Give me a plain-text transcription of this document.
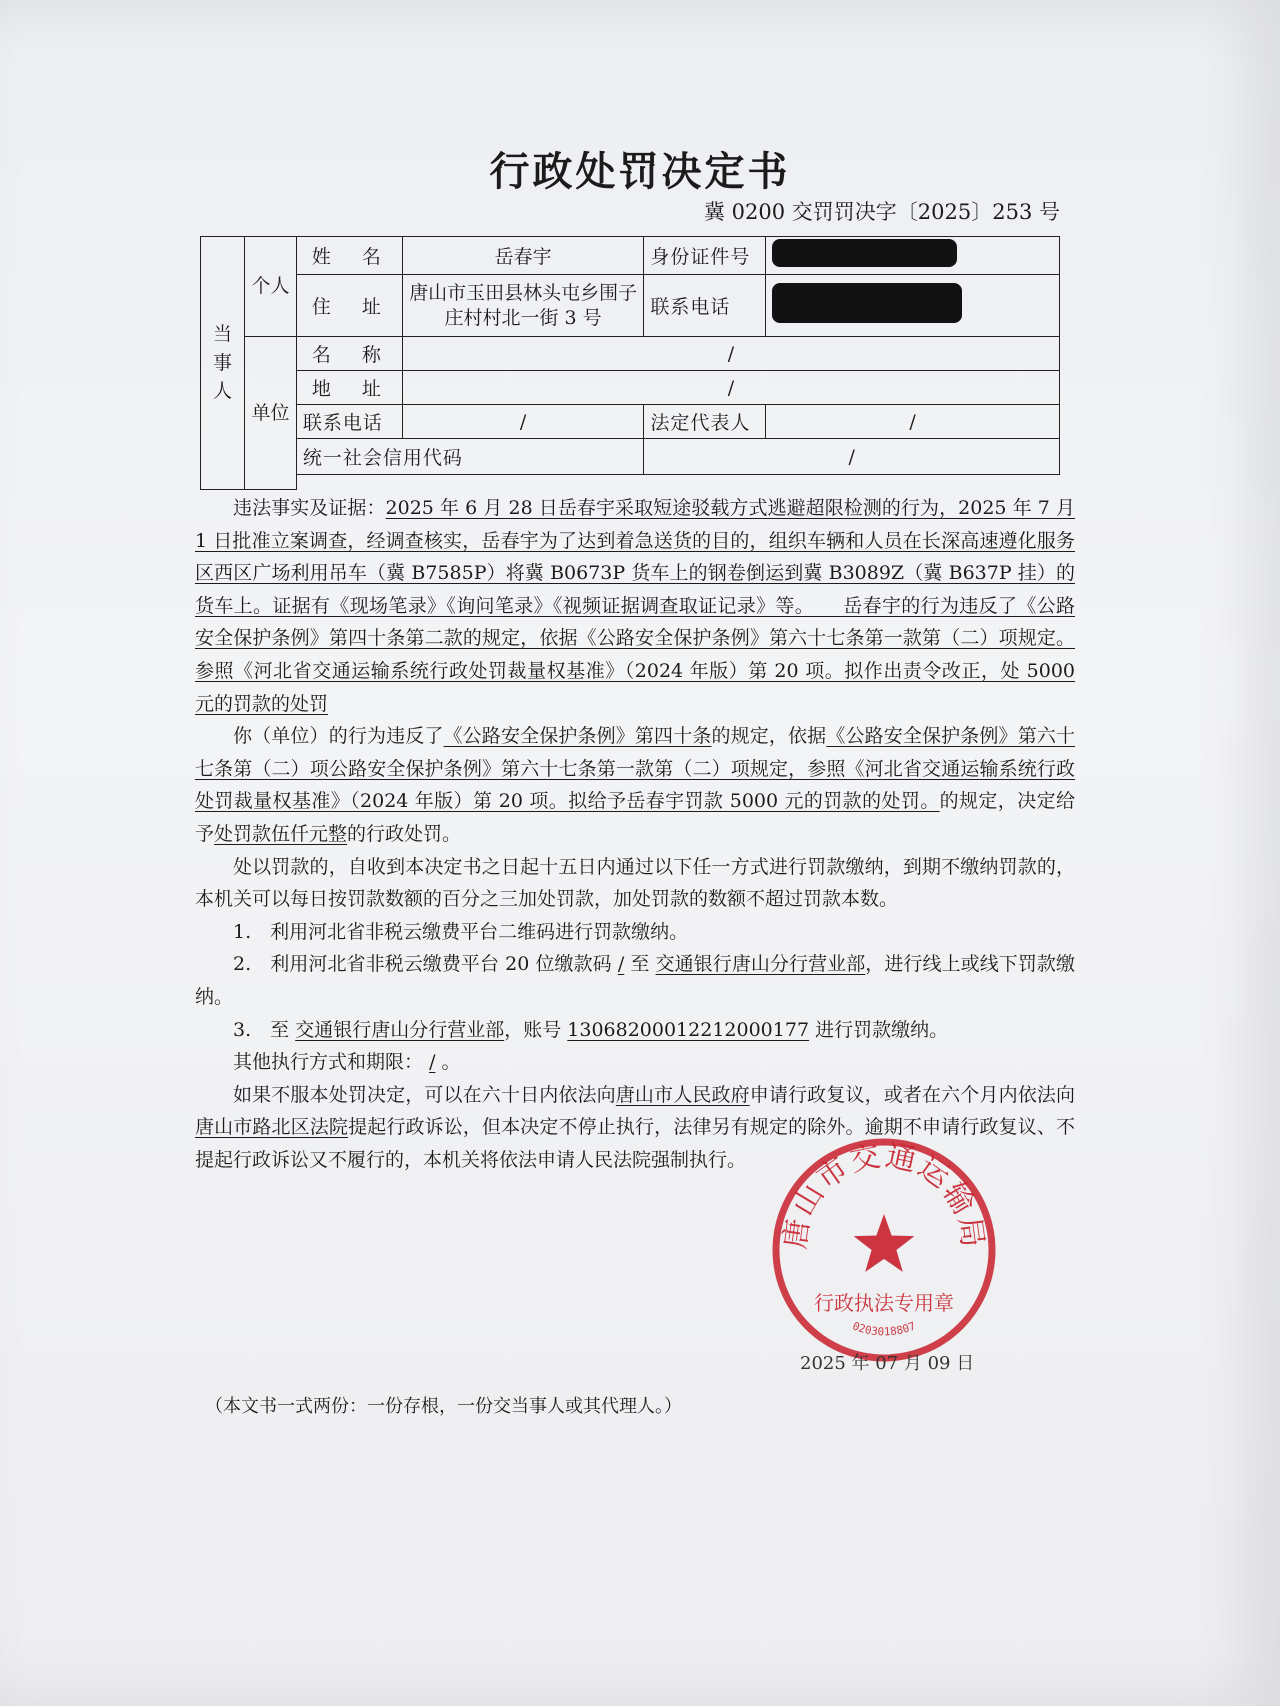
行政处罚决定书
冀 0200 交罚罚决字〔2025〕253 号
当事人	个人	姓　名	岳春宇	身份证件号	
		住　址	唐山市玉田县林头屯乡围子庄村村北一街 3 号	联系电话	
	单位	名　称	/		
		地　址	/		
		联系电话	/	法定代表人	/
		统一社会信用代码		/	

违法事实及证据：2025 年 6 月 28 日岳春宇采取短途驳载方式逃避超限检测的行为，2025 年 7 月 1 日批准立案调查，经调查核实，岳春宇为了达到着急送货的目的，组织车辆和人员在长深高速遵化服务区西区广场利用吊车（冀 B7585P）将冀 B0673P 货车上的钢卷倒运到冀 B3089Z（冀 B637P 挂）的货车上。证据有《现场笔录》《询问笔录》《视频证据调查取证记录》等。　　岳春宇的行为违反了《公路安全保护条例》第四十条第二款的规定，依据《公路安全保护条例》第六十七条第一款第（二）项规定。参照《河北省交通运输系统行政处罚裁量权基准》（2024 年版）第 20 项。拟作出责令改正，处 5000 元的罚款的处罚

你（单位）的行为违反了《公路安全保护条例》第四十条的规定，依据《公路安全保护条例》第六十七条第（二）项公路安全保护条例》第六十七条第一款第（二）项规定，参照《河北省交通运输系统行政处罚裁量权基准》（2024 年版）第 20 项。拟给予岳春宇罚款 5000 元的罚款的处罚。的规定，决定给予处罚款伍仟元整的行政处罚。

处以罚款的，自收到本决定书之日起十五日内通过以下任一方式进行罚款缴纳，到期不缴纳罚款的，本机关可以每日按罚款数额的百分之三加处罚款，加处罚款的数额不超过罚款本数。

1.　利用河北省非税云缴费平台二维码进行罚款缴纳。

2.　利用河北省非税云缴费平台 20 位缴款码 / 至 交通银行唐山分行营业部，进行线上或线下罚款缴纳。

3.　至 交通银行唐山分行营业部，账号 13068200012212000177 进行罚款缴纳。

其他执行方式和期限： / 。

如果不服本处罚决定，可以在六十日内依法向唐山市人民政府申请行政复议，或者在六个月内依法向唐山市路北区法院提起行政诉讼，但本决定不停止执行，法律另有规定的除外。逾期不申请行政复议、不提起行政诉讼又不履行的，本机关将依法申请人民法院强制执行。

唐山市交通运输局
行政执法专用章
0203018807
2025 年 07 月 09 日
（本文书一式两份：一份存根，一份交当事人或其代理人。）
